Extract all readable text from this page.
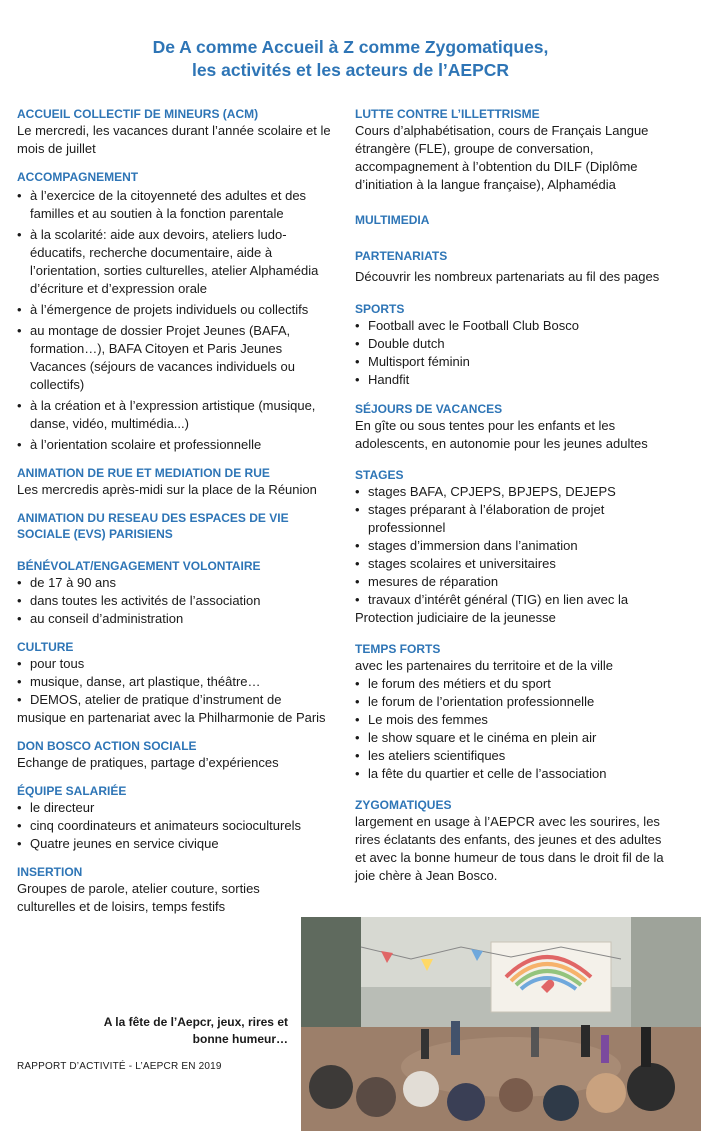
De A comme Accueil à Z comme Zygomatiques,
les activités et les acteurs de l’AEPCR
ACCUEIL COLLECTIF DE MINEURS (ACM)
Le mercredi, les vacances durant l’année scolaire et le mois de juillet
ACCOMPAGNEMENT
• à l’exercice de la citoyenneté des adultes et des familles et au soutien à la fonction parentale
• à la scolarité: aide aux devoirs, ateliers ludo-éducatifs, recherche documentaire, aide à l’orientation, sorties culturelles, atelier Alphamédia d’écriture et d’expression orale
• à l’émergence de projets individuels ou collectifs
• au montage de dossier Projet Jeunes (BAFA, formation…), BAFA Citoyen et Paris Jeunes Vacances (séjours de vacances individuels ou collectifs)
• à la création et à l’expression artistique (musique, danse, vidéo, multimédia...)
• à l’orientation scolaire et professionnelle
ANIMATION DE RUE ET MEDIATION DE RUE
Les mercredis après-midi sur la place de la Réunion
ANIMATION DU RESEAU DES ESPACES DE VIE SOCIALE (EVS) PARISIENS
BÉNÉVOLAT/ENGAGEMENT VOLONTAIRE
• de 17 à 90 ans
• dans toutes les activités de l’association
• au conseil d’administration
CULTURE
• pour tous
• musique, danse, art plastique, théâtre…
• DEMOS, atelier de pratique d’instrument de
musique en partenariat avec la Philharmonie de Paris
DON BOSCO ACTION SOCIALE
Echange de pratiques, partage d’expériences
ÉQUIPE SALARIÉE
• le directeur
• cinq coordinateurs et animateurs socioculturels
• Quatre jeunes en service civique
INSERTION
Groupes de parole, atelier couture, sorties culturelles et de loisirs, temps festifs
LUTTE CONTRE L’ILLETTRISME
Cours d’alphabétisation, cours de Français Langue étrangère (FLE), groupe de conversation, accompagnement à l’obtention du DILF (Diplôme d’initiation à la langue française), Alphamédia
MULTIMEDIA
PARTENARIATS
Découvrir les nombreux partenariats au fil des pages
SPORTS
• Football avec le Football Club Bosco
• Double dutch
• Multisport féminin
• Handfit
SÉJOURS DE VACANCES
En gîte ou sous tentes pour les enfants et les adolescents, en autonomie pour les jeunes adultes
STAGES
• stages BAFA, CPJEPS, BPJEPS, DEJEPS
• stages préparant à l’élaboration de projet professionnel
• stages d’immersion dans l’animation
• stages scolaires et universitaires
• mesures de réparation
• travaux d’intérêt général (TIG) en lien avec la
Protection judiciaire de la jeunesse
TEMPS FORTS
avec les partenaires du territoire et de la ville
• le forum des métiers et du sport
• le forum de l’orientation professionnelle
• Le mois des femmes
• le show square et le cinéma en plein air
• les ateliers scientifiques
• la fête du quartier et celle de l’association
ZYGOMATIQUES
largement en usage à l’AEPCR avec les sourires, les rires éclatants des enfants, des jeunes et des adultes et avec la bonne humeur de tous dans le droit fil de la joie chère à Jean Bosco.
A la fête de l’Aepcr, jeux, rires et bonne humeur…
RAPPORT D’ACTIVITÉ - L’AEPCR EN 2019
